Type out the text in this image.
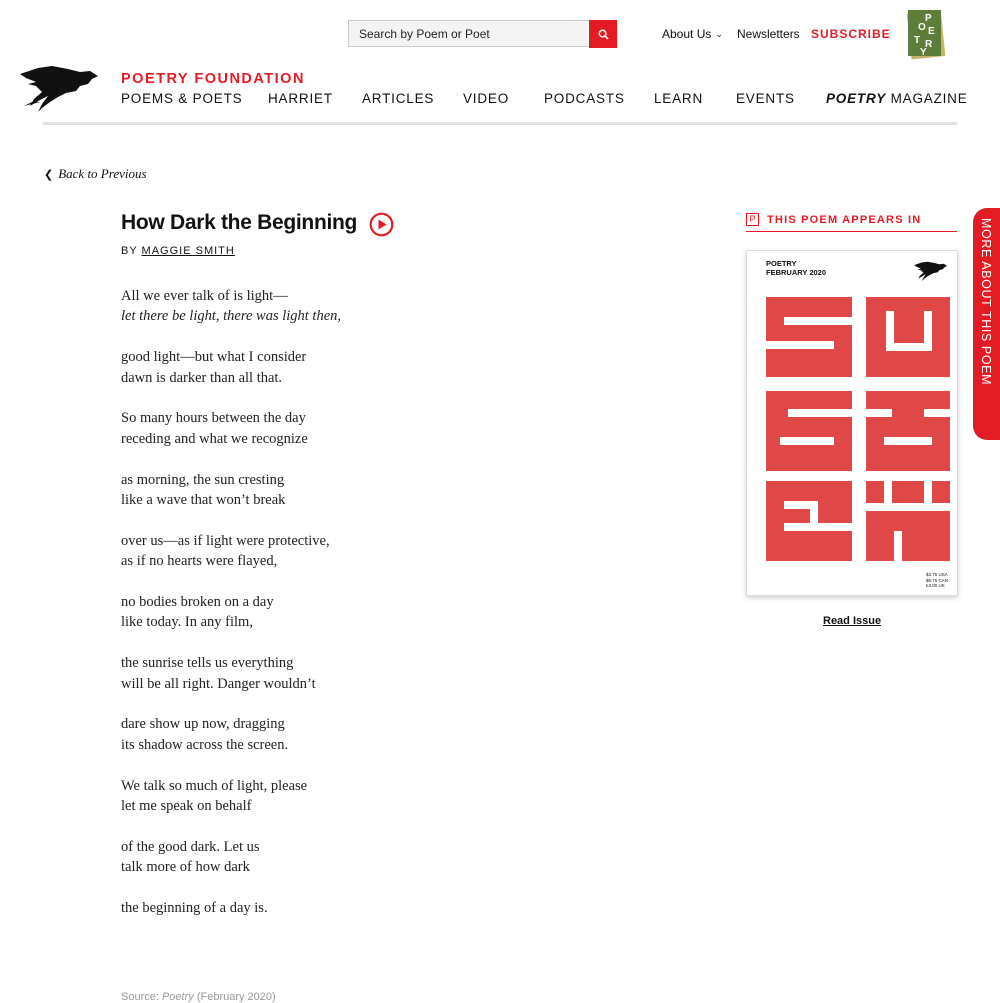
Search by Poem or Poet
About Us ⌄ Newsletters SUBSCRIBE
P
O E
T R
Y
POETRY FOUNDATION
POEMS & POETS HARRIET ARTICLES VIDEO	PODCASTS LEARN EVENTS POETRY MAGAZINE
❮ Back to Previous
How Dark the Beginning
BY MAGGIE SMITH
All we ever talk of is light—
let there be light, there was light then,
good light—but what I consider
dawn is darker than all that.
So many hours between the day
receding and what we recognize
as morning, the sun cresting
like a wave that won’t break
over us—as if light were protective,
as if no hearts were flayed,
no bodies broken on a day
like today. In any film,
the sunrise tells us everything
will be all right. Danger wouldn’t
dare show up now, dragging
its shadow across the screen.
We talk so much of light, please
let me speak on behalf
of the good dark. Let us
talk more of how dark
the beginning of a day is.
Source: Poetry (February 2020)
P	THIS POEM APPEARS IN
POETRY
FEBRUARY 2020
$3.75 USA
$5.75 CAN
£3.00 UK
Read Issue
MORE ABOUT THIS POEM
⌄
